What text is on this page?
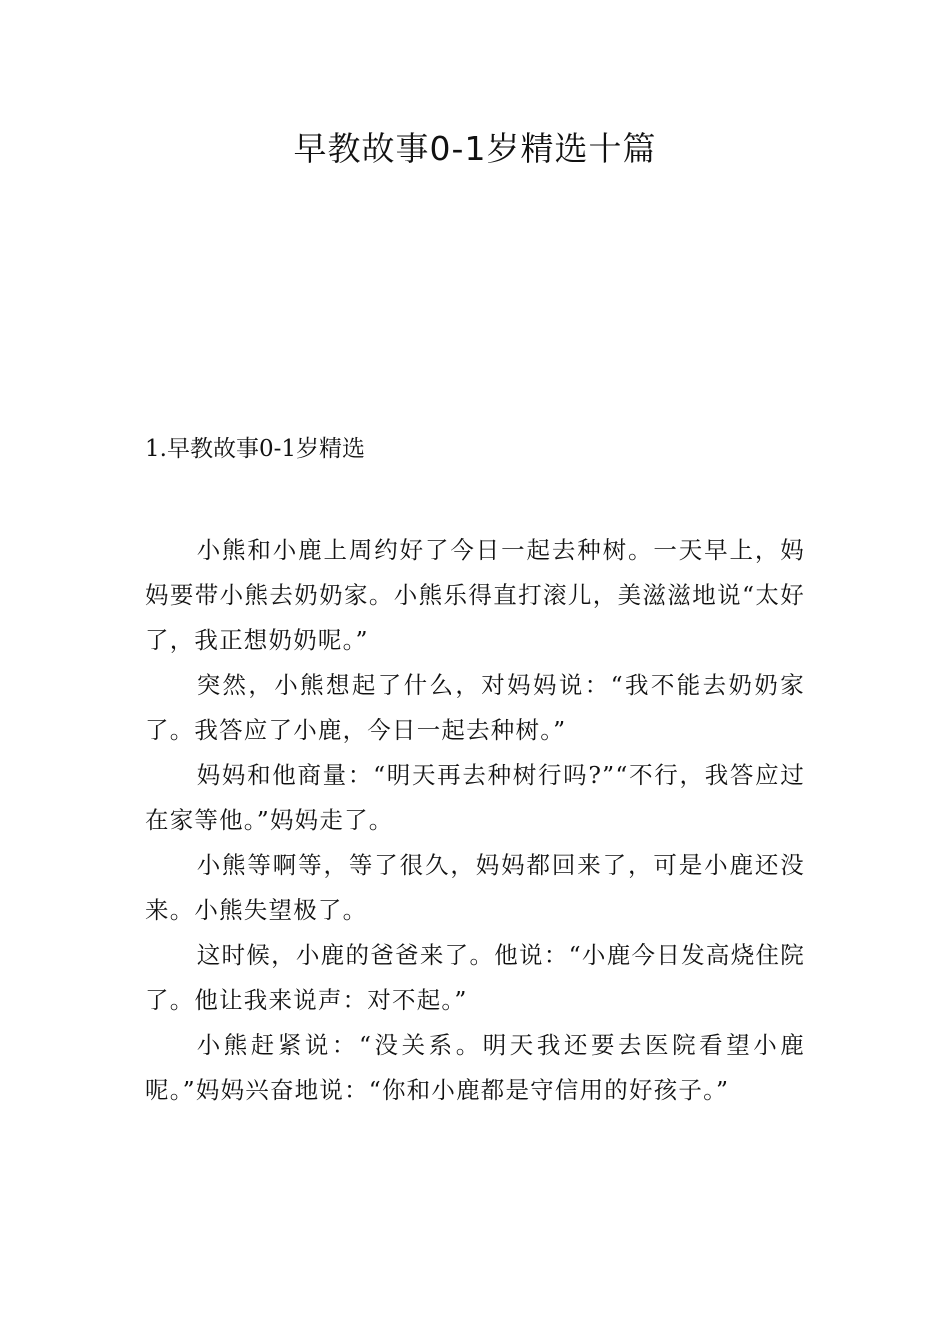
早教故事0-1岁精选十篇
1.早教故事0-1岁精选

小熊和小鹿上周约好了今日一起去种树。一天早上，妈妈要带小熊去奶奶家。小熊乐得直打滚儿，美滋滋地说“太好了，我正想奶奶呢。”

突然，小熊想起了什么，对妈妈说：“我不能去奶奶家了。我答应了小鹿，今日一起去种树。”

妈妈和他商量：“明天再去种树行吗?”“不行，我答应过在家等他。”妈妈走了。

小熊等啊等，等了很久，妈妈都回来了，可是小鹿还没来。小熊失望极了。

这时候，小鹿的爸爸来了。他说：“小鹿今日发高烧住院了。他让我来说声：对不起。”

小熊赶紧说：“没关系。明天我还要去医院看望小鹿呢。”妈妈兴奋地说：“你和小鹿都是守信用的好孩子。”
